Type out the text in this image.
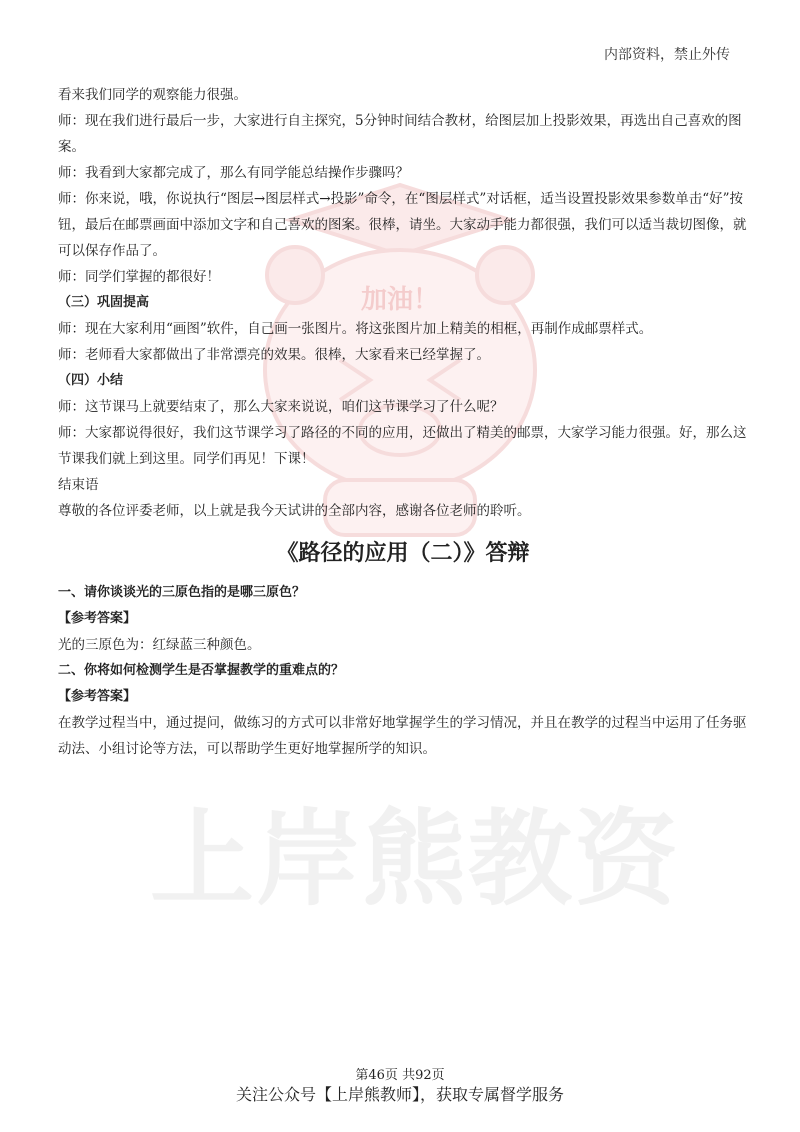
加油！
上岸熊教资
内部资料，禁止外传

看来我们同学的观察能力很强。

师：现在我们进行最后一步，大家进行自主探究，5分钟时间结合教材，给图层加上投影效果，再选出自己喜欢的图案。

师：我看到大家都完成了，那么有同学能总结操作步骤吗？

师：你来说，哦，你说执行“图层→图层样式→投影”命令，在“图层样式”对话框，适当设置投影效果参数单击“好”按钮，最后在邮票画面中添加文字和自己喜欢的图案。很棒，请坐。大家动手能力都很强，我们可以适当裁切图像，就可以保存作品了。

师：同学们掌握的都很好！

（三）巩固提高

师：现在大家利用“画图”软件，自己画一张图片。将这张图片加上精美的相框，再制作成邮票样式。

师：老师看大家都做出了非常漂亮的效果。很棒，大家看来已经掌握了。

（四）小结

师：这节课马上就要结束了，那么大家来说说，咱们这节课学习了什么呢？

师：大家都说得很好，我们这节课学习了路径的不同的应用，还做出了精美的邮票，大家学习能力很强。好，那么这节课我们就上到这里。同学们再见！下课！

结束语

尊敬的各位评委老师，以上就是我今天试讲的全部内容，感谢各位老师的聆听。

《路径的应用（二）》答辩

一、请你谈谈光的三原色指的是哪三原色？

【参考答案】

光的三原色为：红绿蓝三种颜色。

二、你将如何检测学生是否掌握教学的重难点的？

【参考答案】

在教学过程当中，通过提问，做练习的方式可以非常好地掌握学生的学习情况，并且在教学的过程当中运用了任务驱动法、小组讨论等方法，可以帮助学生更好地掌握所学的知识。

第46页 共92页
关注公众号【上岸熊教师】，获取专属督学服务
